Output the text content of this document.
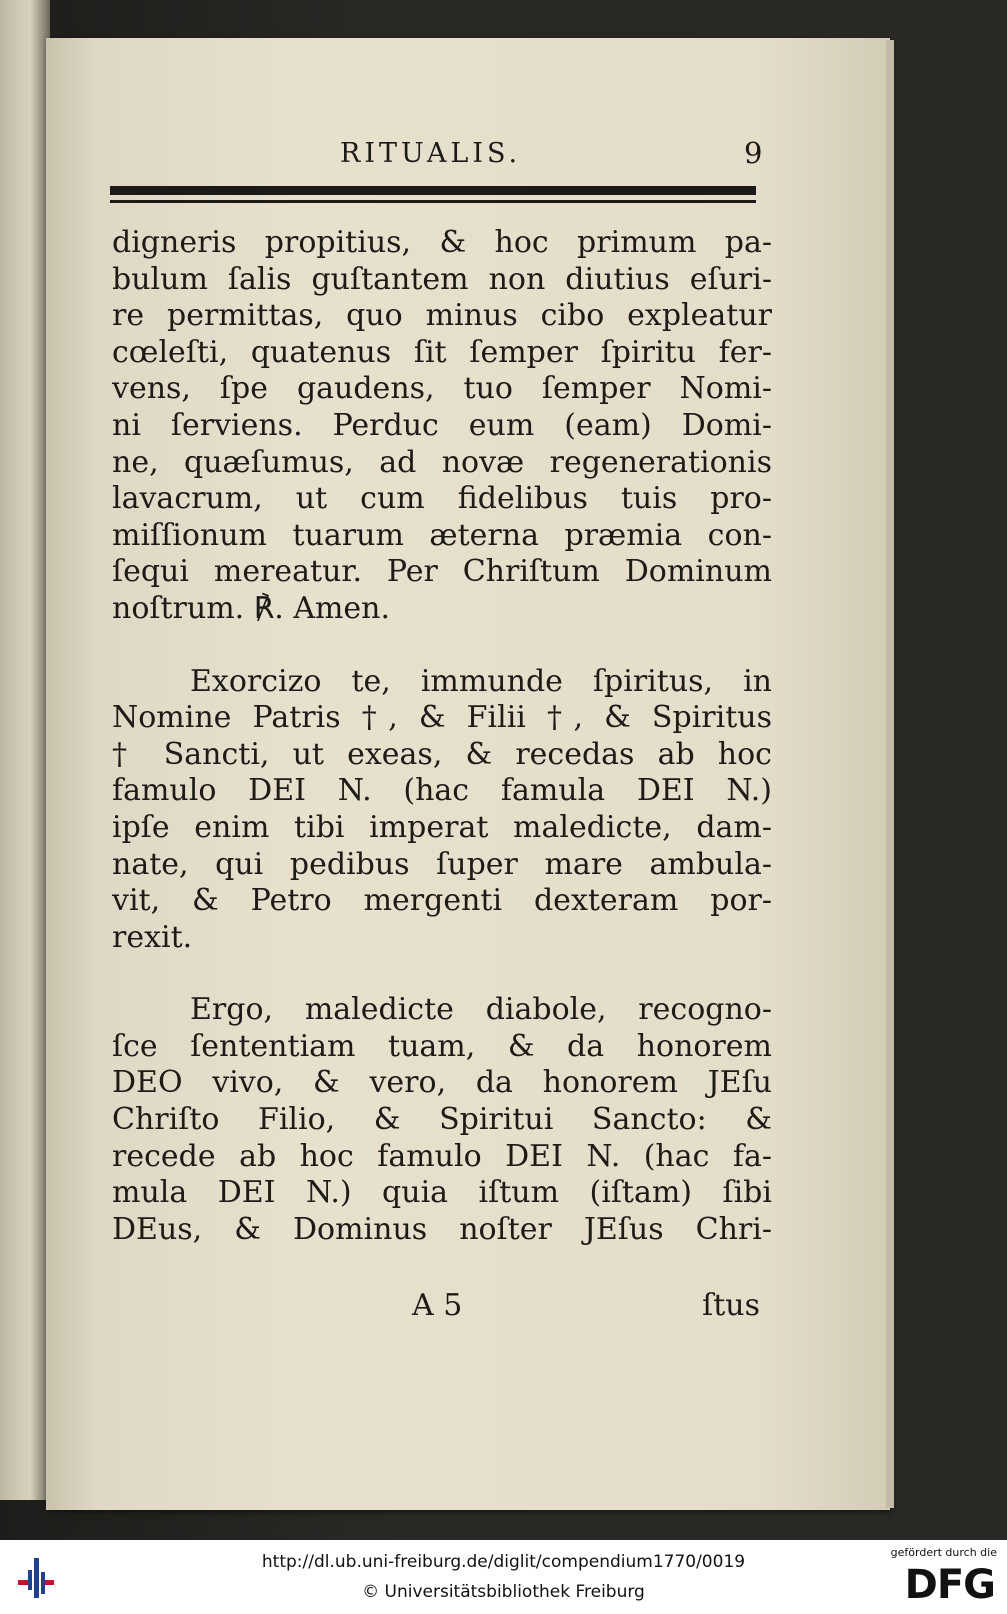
RITUALIS.	9
digneris propitius, & hoc primum pa-
bulum ſalis guſtantem non diutius eſuri-
re permittas, quo minus cibo expleatur
cœleſti, quatenus ſit ſemper ſpiritu fer-
vens, ſpe gaudens, tuo ſemper Nomi-
ni ſerviens. Perduc eum (eam) Domi-
ne, quæſumus, ad novæ regenerationis
lavacrum, ut cum fidelibus tuis pro-
miſſionum tuarum æterna præmia con-
ſequi mereatur. Per Chriſtum Dominum
noſtrum. ℟. Amen.
Exorcizo te, immunde ſpiritus, in
Nomine Patris †, & Filii †, & Spiritus
† Sancti, ut exeas, & recedas ab hoc
famulo DEI N. (hac famula DEI N.)
ipſe enim tibi imperat maledicte, dam-
nate, qui pedibus ſuper mare ambula-
vit, & Petro mergenti dexteram por-
rexit.
Ergo, maledicte diabole, recogno-
ſce ſententiam tuam, & da honorem
DEO vivo, & vero, da honorem JEſu
Chriſto Filio, & Spiritui Sancto: &
recede ab hoc famulo DEI N. (hac fa-
mula DEI N.) quia iſtum (iſtam) ſibi
DEus, & Dominus noſter JEſus Chri-
A 5	ſtus
http://dl.ub.uni-freiburg.de/diglit/compendium1770/0019
© Universitätsbibliothek Freiburg
gefördert durch die
DFG
